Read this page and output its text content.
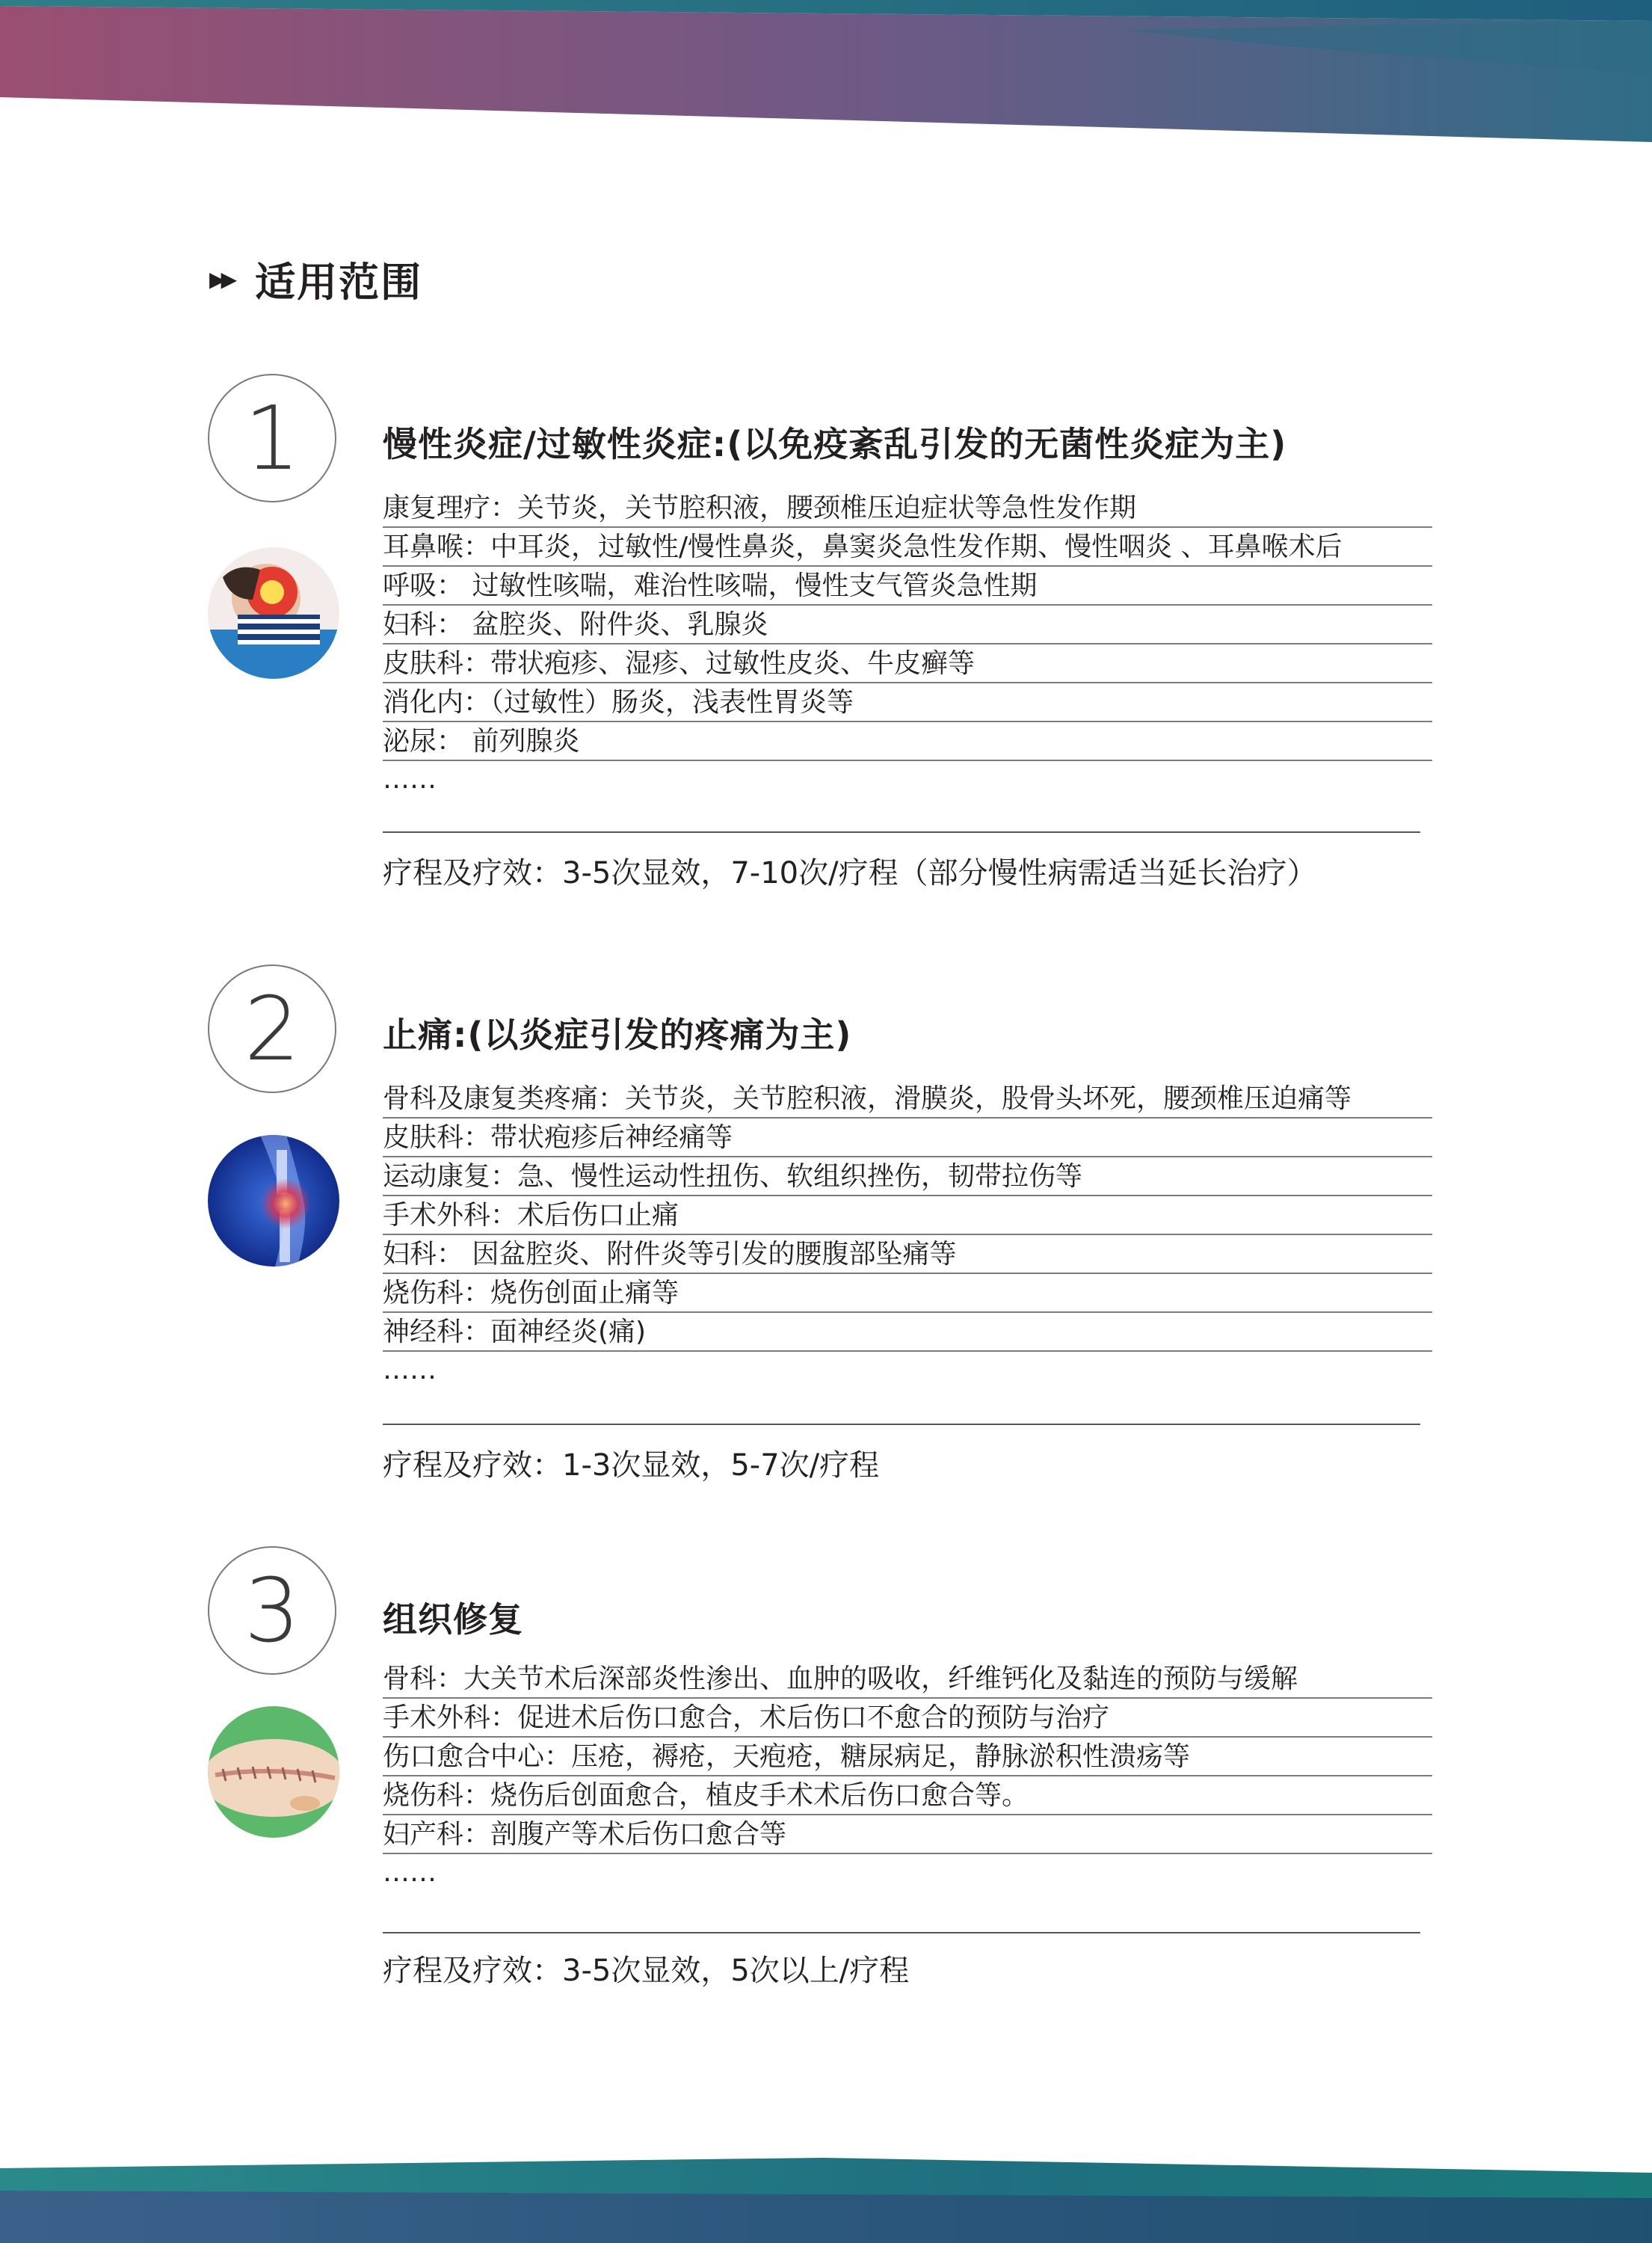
▶▶ 适用范围
1 慢性炎症/过敏性炎症:(以免疫紊乱引发的无菌性炎症为主)
康复理疗：关节炎，关节腔积液，腰颈椎压迫症状等急性发作期
耳鼻喉：中耳炎，过敏性/慢性鼻炎，鼻窦炎急性发作期、慢性咽炎 、耳鼻喉术后
呼吸： 过敏性咳喘，难治性咳喘，慢性支气管炎急性期
妇科： 盆腔炎、附件炎、乳腺炎
皮肤科：带状疱疹、湿疹、过敏性皮炎、牛皮癣等
消化内：（过敏性）肠炎，浅表性胃炎等
泌尿： 前列腺炎
……
疗程及疗效：3-5次显效，7-10次/疗程（部分慢性病需适当延长治疗）
2 止痛:(以炎症引发的疼痛为主)
骨科及康复类疼痛：关节炎，关节腔积液，滑膜炎，股骨头坏死，腰颈椎压迫痛等
皮肤科：带状疱疹后神经痛等
运动康复：急、慢性运动性扭伤、软组织挫伤，韧带拉伤等
手术外科：术后伤口止痛
妇科： 因盆腔炎、附件炎等引发的腰腹部坠痛等
烧伤科：烧伤创面止痛等
神经科：面神经炎(痛)
……
疗程及疗效：1-3次显效，5-7次/疗程
3 组织修复
骨科：大关节术后深部炎性渗出、血肿的吸收，纤维钙化及黏连的预防与缓解
手术外科：促进术后伤口愈合，术后伤口不愈合的预防与治疗
伤口愈合中心：压疮，褥疮，天疱疮，糖尿病足，静脉淤积性溃疡等
烧伤科：烧伤后创面愈合，植皮手术术后伤口愈合等。
妇产科：剖腹产等术后伤口愈合等
……
疗程及疗效：3-5次显效，5次以上/疗程
